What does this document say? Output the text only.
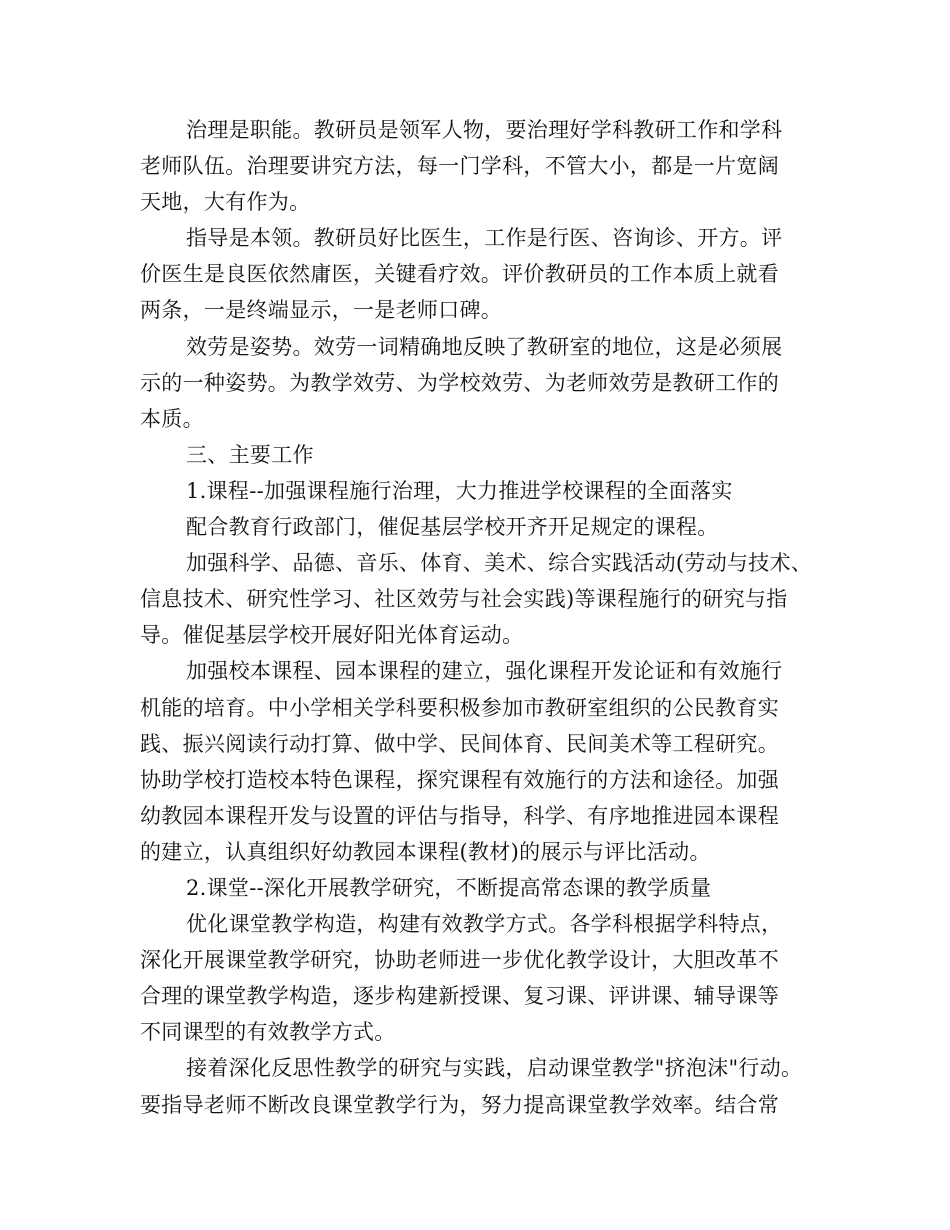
治理是职能。教研员是领军人物，要治理好学科教研工作和学科
老师队伍。治理要讲究方法，每一门学科，不管大小，都是一片宽阔
天地，大有作为。
指导是本领。教研员好比医生，工作是行医、咨询诊、开方。评
价医生是良医依然庸医，关键看疗效。评价教研员的工作本质上就看
两条，一是终端显示，一是老师口碑。
效劳是姿势。效劳一词精确地反映了教研室的地位，这是必须展
示的一种姿势。为教学效劳、为学校效劳、为老师效劳是教研工作的
本质。
三、主要工作
1.课程--加强课程施行治理，大力推进学校课程的全面落实
配合教育行政部门，催促基层学校开齐开足规定的课程。
加强科学、品德、音乐、体育、美术、综合实践活动(劳动与技术、
信息技术、研究性学习、社区效劳与社会实践)等课程施行的研究与指
导。催促基层学校开展好阳光体育运动。
加强校本课程、园本课程的建立，强化课程开发论证和有效施行
机能的培育。中小学相关学科要积极参加市教研室组织的公民教育实
践、振兴阅读行动打算、做中学、民间体育、民间美术等工程研究。
协助学校打造校本特色课程，探究课程有效施行的方法和途径。加强
幼教园本课程开发与设置的评估与指导，科学、有序地推进园本课程
的建立，认真组织好幼教园本课程(教材)的展示与评比活动。
2.课堂--深化开展教学研究，不断提高常态课的教学质量
优化课堂教学构造，构建有效教学方式。各学科根据学科特点，
深化开展课堂教学研究，协助老师进一步优化教学设计，大胆改革不
合理的课堂教学构造，逐步构建新授课、复习课、评讲课、辅导课等
不同课型的有效教学方式。
接着深化反思性教学的研究与实践，启动课堂教学"挤泡沫"行动。
要指导老师不断改良课堂教学行为，努力提高课堂教学效率。结合常
